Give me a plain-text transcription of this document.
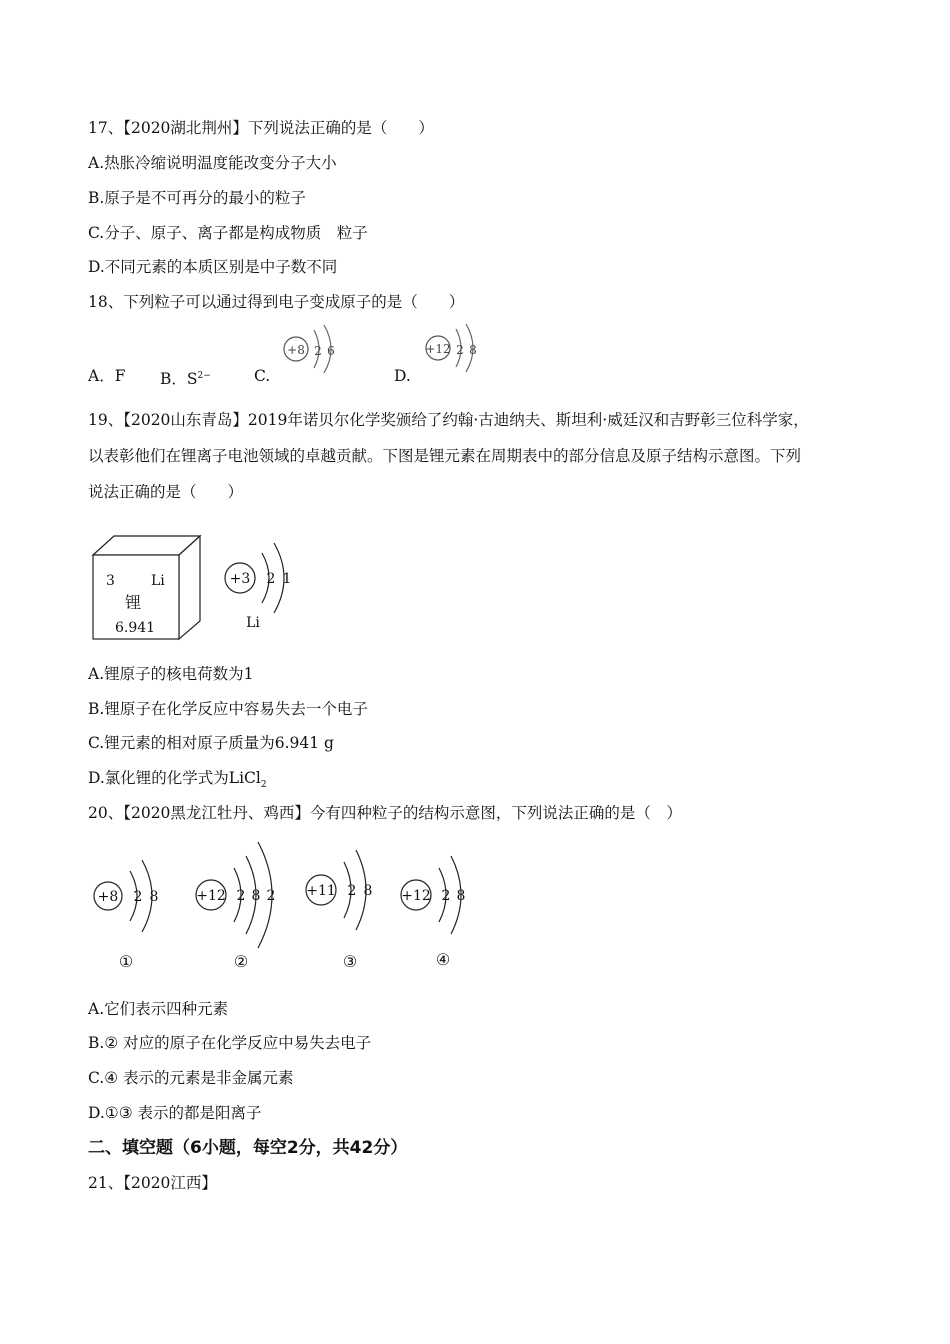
17、【2020湖北荆州】下列说法正确的是（　　）
A.热胀冷缩说明温度能改变分子大小
B.原子是不可再分的最小的粒子
C.分子、原子、离子都是构成物质　粒子
D.不同元素的本质区别是中子数不同
18、下列粒子可以通过得到电子变成原子的是（　　）
A．F B．$S^{2-}$	C.	D.
+8 2 6	+12 2 8
19、【2020山东青岛】2019年诺贝尔化学奖颁给了约翰·古迪纳夫、斯坦利·威廷汉和吉野彰三位科学家，
以表彰他们在锂离子电池领域的卓越贡献。下图是锂元素在周期表中的部分信息及原子结构示意图。下列
说法正确的是（　　）
3	Li
锂
6.941
+3 2 1
Li
A.锂原子的核电荷数为1
B.锂原子在化学反应中容易失去一个电子
C.锂元素的相对原子质量为6.941 g
D.氯化锂的化学式为LiCl$_2$
20、【2020黑龙江牡丹、鸡西】今有四种粒子的结构示意图，下列说法正确的是（　）
+8 2 8
①
+12 2 8 2
②
+11 2 8
③
+12 2 8
④
A.它们表示四种元素
B.② 对应的原子在化学反应中易失去电子
C.④ 表示的元素是非金属元素
D.①③ 表示的都是阳离子
二、填空题（6小题，每空2分，共42分）
21、【2020江西】
